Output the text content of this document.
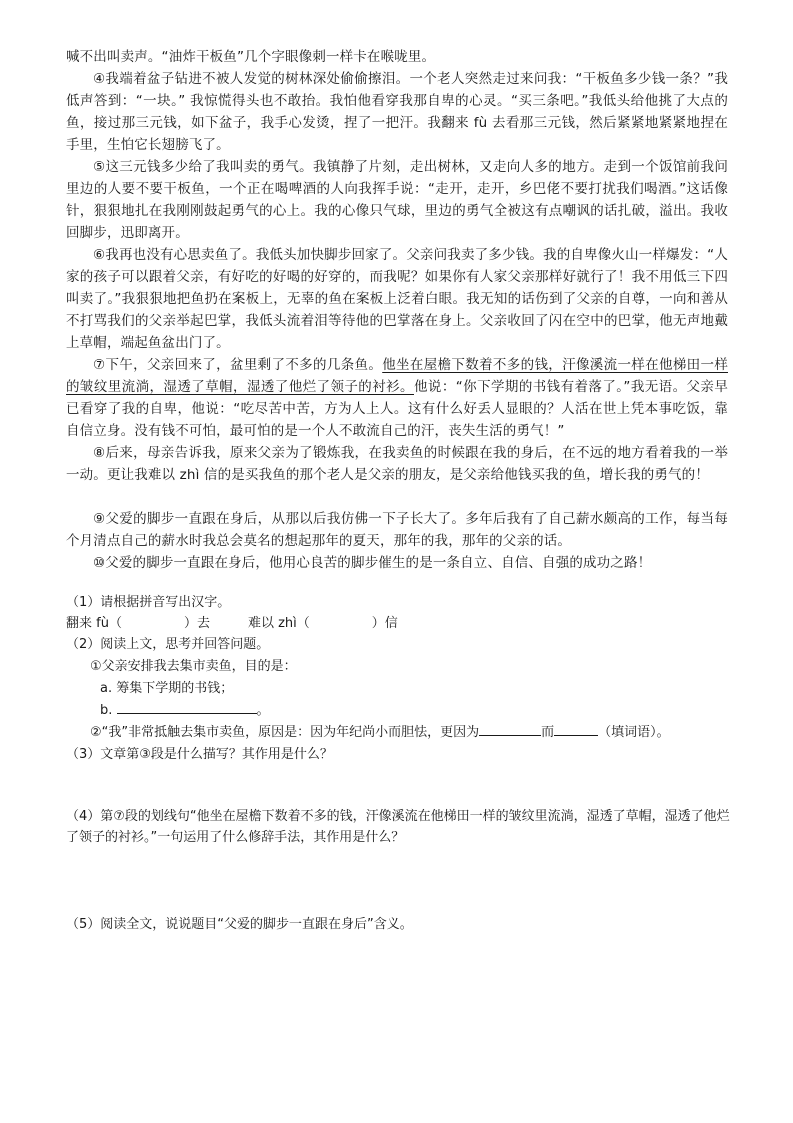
喊不出叫卖声。“油炸干板鱼”几个字眼像刺一样卡在喉咙里。

④我端着盆子钻进不被人发觉的树林深处偷偷擦泪。一个老人突然走过来问我：“干板鱼多少钱一条？”我低声答到：“一块。” 我惊慌得头也不敢抬。我怕他看穿我那自卑的心灵。“买三条吧。”我低头给他挑了大点的鱼，接过那三元钱，如下盆子，我手心发烫，捏了一把汗。我翻来 fù 去看那三元钱，然后紧紧地紧紧地捏在手里，生怕它长翅膀飞了。

⑤这三元钱多少给了我叫卖的勇气。我镇静了片刻，走出树林，又走向人多的地方。走到一个饭馆前我问里边的人要不要干板鱼，一个正在喝啤酒的人向我挥手说：“走开，走开，乡巴佬不要打扰我们喝酒。”这话像针，狠狠地扎在我刚刚鼓起勇气的心上。我的心像只气球，里边的勇气全被这有点嘲讽的话扎破，溢出。我收回脚步，迅即离开。

⑥我再也没有心思卖鱼了。我低头加快脚步回家了。父亲问我卖了多少钱。我的自卑像火山一样爆发：“人家的孩子可以跟着父亲，有好吃的好喝的好穿的，而我呢？如果你有人家父亲那样好就行了！我不用低三下四叫卖了。”我狠狠地把鱼扔在案板上，无辜的鱼在案板上泛着白眼。我无知的话伤到了父亲的自尊，一向和善从不打骂我们的父亲举起巴掌，我低头流着泪等待他的巴掌落在身上。父亲收回了闪在空中的巴掌，他无声地戴上草帽，端起鱼盆出门了。

⑦下午，父亲回来了，盆里剩了不多的几条鱼。他坐在屋檐下数着不多的钱，汗像溪流一样在他梯田一样的皱纹里流淌，湿透了草帽，湿透了他烂了领子的衬衫。他说：“你下学期的书钱有着落了。”我无语。父亲早已看穿了我的自卑，他说：“吃尽苦中苦，方为人上人。这有什么好丢人显眼的？人活在世上凭本事吃饭，靠自信立身。没有钱不可怕，最可怕的是一个人不敢流自己的汗，丧失生活的勇气！”

⑧后来，母亲告诉我，原来父亲为了锻炼我，在我卖鱼的时候跟在我的身后，在不远的地方看着我的一举一动。更让我难以 zhì 信的是买我鱼的那个老人是父亲的朋友，是父亲给他钱买我的鱼，增长我的勇气的！

⑨父爱的脚步一直跟在身后，从那以后我仿佛一下子长大了。多年后我有了自己薪水颇高的工作，每当每个月清点自己的薪水时我总会莫名的想起那年的夏天，那年的我，那年的父亲的话。

⑩父爱的脚步一直跟在身后，他用心良苦的脚步催生的是一条自立、自信、自强的成功之路！

（1）请根据拼音写出汉字。

翻来 fù（	）去	难以 zhì（	）信

（2）阅读上文，思考并回答问题。

①父亲安排我去集市卖鱼，目的是：

a. 筹集下学期的书钱；

b.	。

②“我”非常抵触去集市卖鱼，原因是：因为年纪尚小而胆怯，更因为	而	（填词语）。

（3）文章第③段是什么描写？其作用是什么？

（4）第⑦段的划线句“他坐在屋檐下数着不多的钱，汗像溪流在他梯田一样的皱纹里流淌，湿透了草帽，湿透了他烂了领子的衬衫。”一句运用了什么修辞手法，其作用是什么？

（5）阅读全文，说说题目“父爱的脚步一直跟在身后”含义。
